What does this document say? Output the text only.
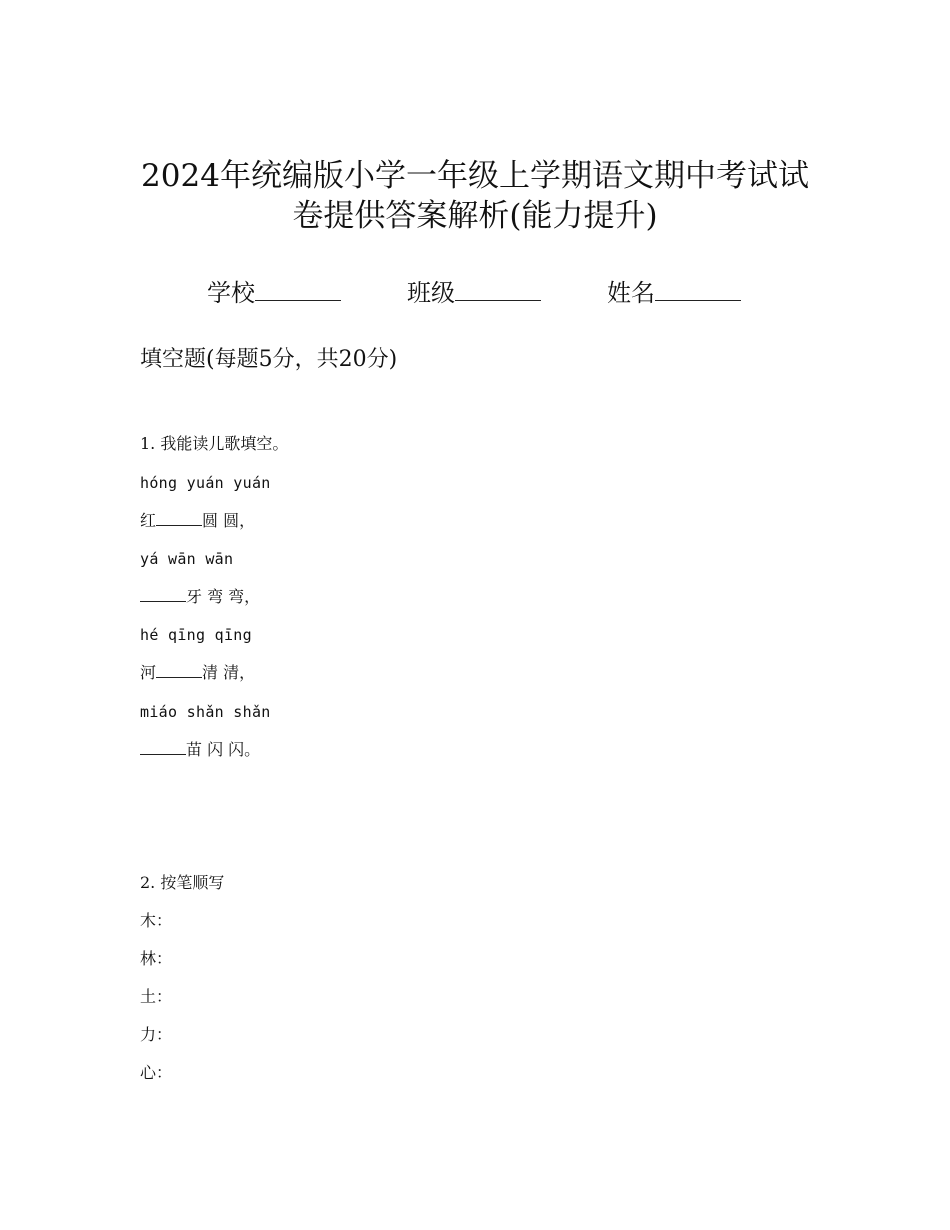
2024年统编版小学一年级上学期语文期中考试试
卷提供答案解析(能力提升)
学校	班级	姓名
填空题(每题5分，共20分)
1. 我能读儿歌填空。
hóng yuán yuán
红	圆 圆，
yá wān wān
牙 弯 弯，
hé qīng qīng
河	清 清，
miáo shǎn shǎn
苗 闪 闪。
2. 按笔顺写
木：
林：
土：
力：
心：
